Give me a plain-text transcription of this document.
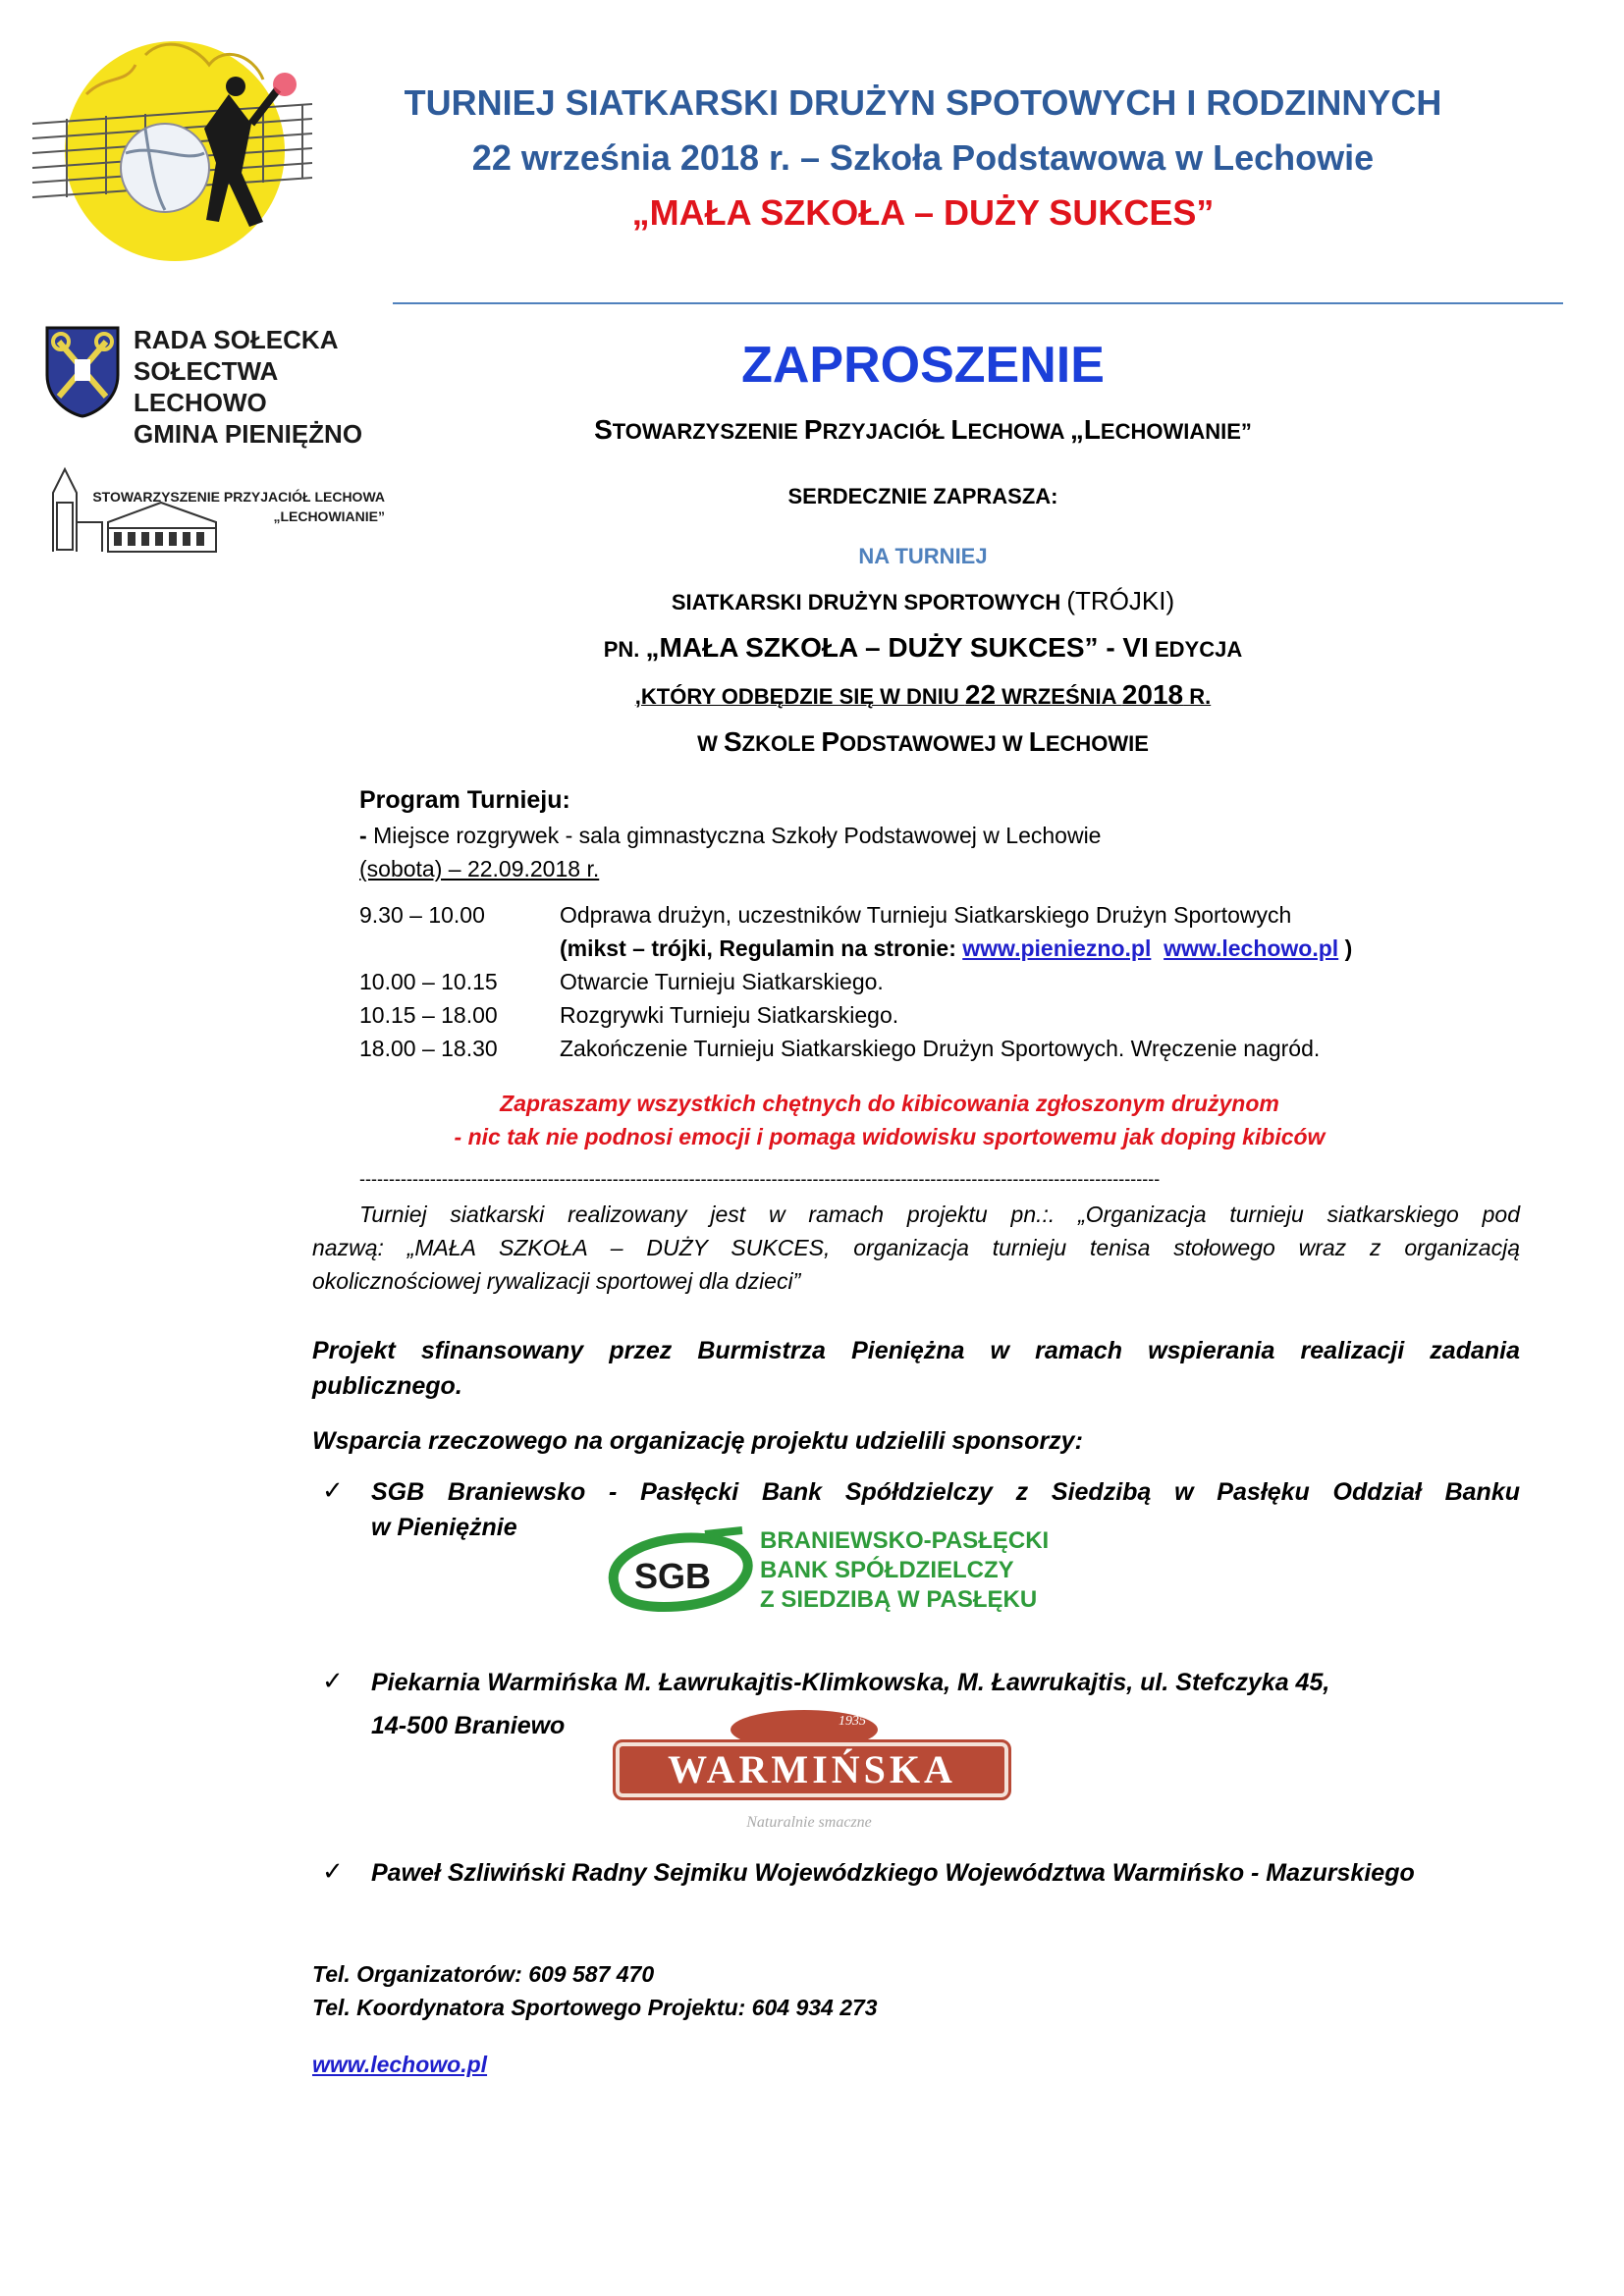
TURNIEJ SIATKARSKI DRUŻYN SPOTOWYCH I RODZINNYCH
22 września 2018 r. – Szkoła Podstawowa w Lechowie
„MAŁA SZKOŁA – DUŻY SUKCES”
RADA SOŁECKA
SOŁECTWA LECHOWO
GMINA PIENIĘŻNO
STOWARZYSZENIE PRZYJACIÓŁ LECHOWA
„LECHOWIANIE”
ZAPROSZENIE
STOWARZYSZENIE PRZYJACIÓŁ LECHOWA „LECHOWIANIE”
SERDECZNIE ZAPRASZA:
NA TURNIEJ
SIATKARSKI DRUŻYN SPORTOWYCH (TRÓJKI)
PN. „MAŁA SZKOŁA – DUŻY SUKCES” - VI EDYCJA
,KTÓRY ODBĘDZIE SIĘ W DNIU 22 WRZEŚNIA 2018 R.
W SZKOLE PODSTAWOWEJ W LECHOWIE
Program Turnieju:
- Miejsce rozgrywek - sala gimnastyczna Szkoły Podstawowej w Lechowie
(sobota) – 22.09.2018 r.
9.30 – 10.00	Odprawa drużyn, uczestników Turnieju Siatkarskiego Drużyn Sportowych
(mikst – trójki, Regulamin na stronie: www.pieniezno.pl www.lechowo.pl )
10.00 – 10.15	Otwarcie Turnieju Siatkarskiego.
10.15 – 18.00	Rozgrywki Turnieju Siatkarskiego.
18.00 – 18.30	Zakończenie Turnieju Siatkarskiego Drużyn Sportowych. Wręczenie nagród.
Zapraszamy wszystkich chętnych do kibicowania zgłoszonym drużynom
- nic tak nie podnosi emocji i pomaga widowisku sportowemu jak doping kibiców
----------------------------------------------------------------------------------------------------------------------------------------
Turniej siatkarski realizowany jest w ramach projektu pn.:. „Organizacja turnieju siatkarskiego pod
nazwą: „MAŁA SZKOŁA – DUŻY SUKCES, organizacja turnieju tenisa stołowego wraz z organizacją
okolicznościowej rywalizacji sportowej dla dzieci”
Projekt sfinansowany przez Burmistrza Pieniężna w ramach wspierania realizacji zadania
publicznego.
Wsparcia rzeczowego na organizację projektu udzielili sponsorzy:
✓ SGB Braniewsko - Pasłęcki Bank Spółdzielczy z Siedzibą w Pasłęku Oddział Banku
w Pieniężnie
SGB
BRANIEWSKO-PASŁĘCKI
BANK SPÓŁDZIELCZY
Z SIEDZIBĄ W PASŁĘKU
✓ Piekarnia Warmińska M. Ławrukajtis-Klimkowska, M. Ławrukajtis, ul. Stefczyka 45,
14-500 Braniewo	1935
WARMIŃSKA
Naturalnie smaczne
✓ Paweł Szliwiński Radny Sejmiku Wojewódzkiego Województwa Warmińsko - Mazurskiego
Tel. Organizatorów: 609 587 470
Tel. Koordynatora Sportowego Projektu: 604 934 273
www.lechowo.pl
